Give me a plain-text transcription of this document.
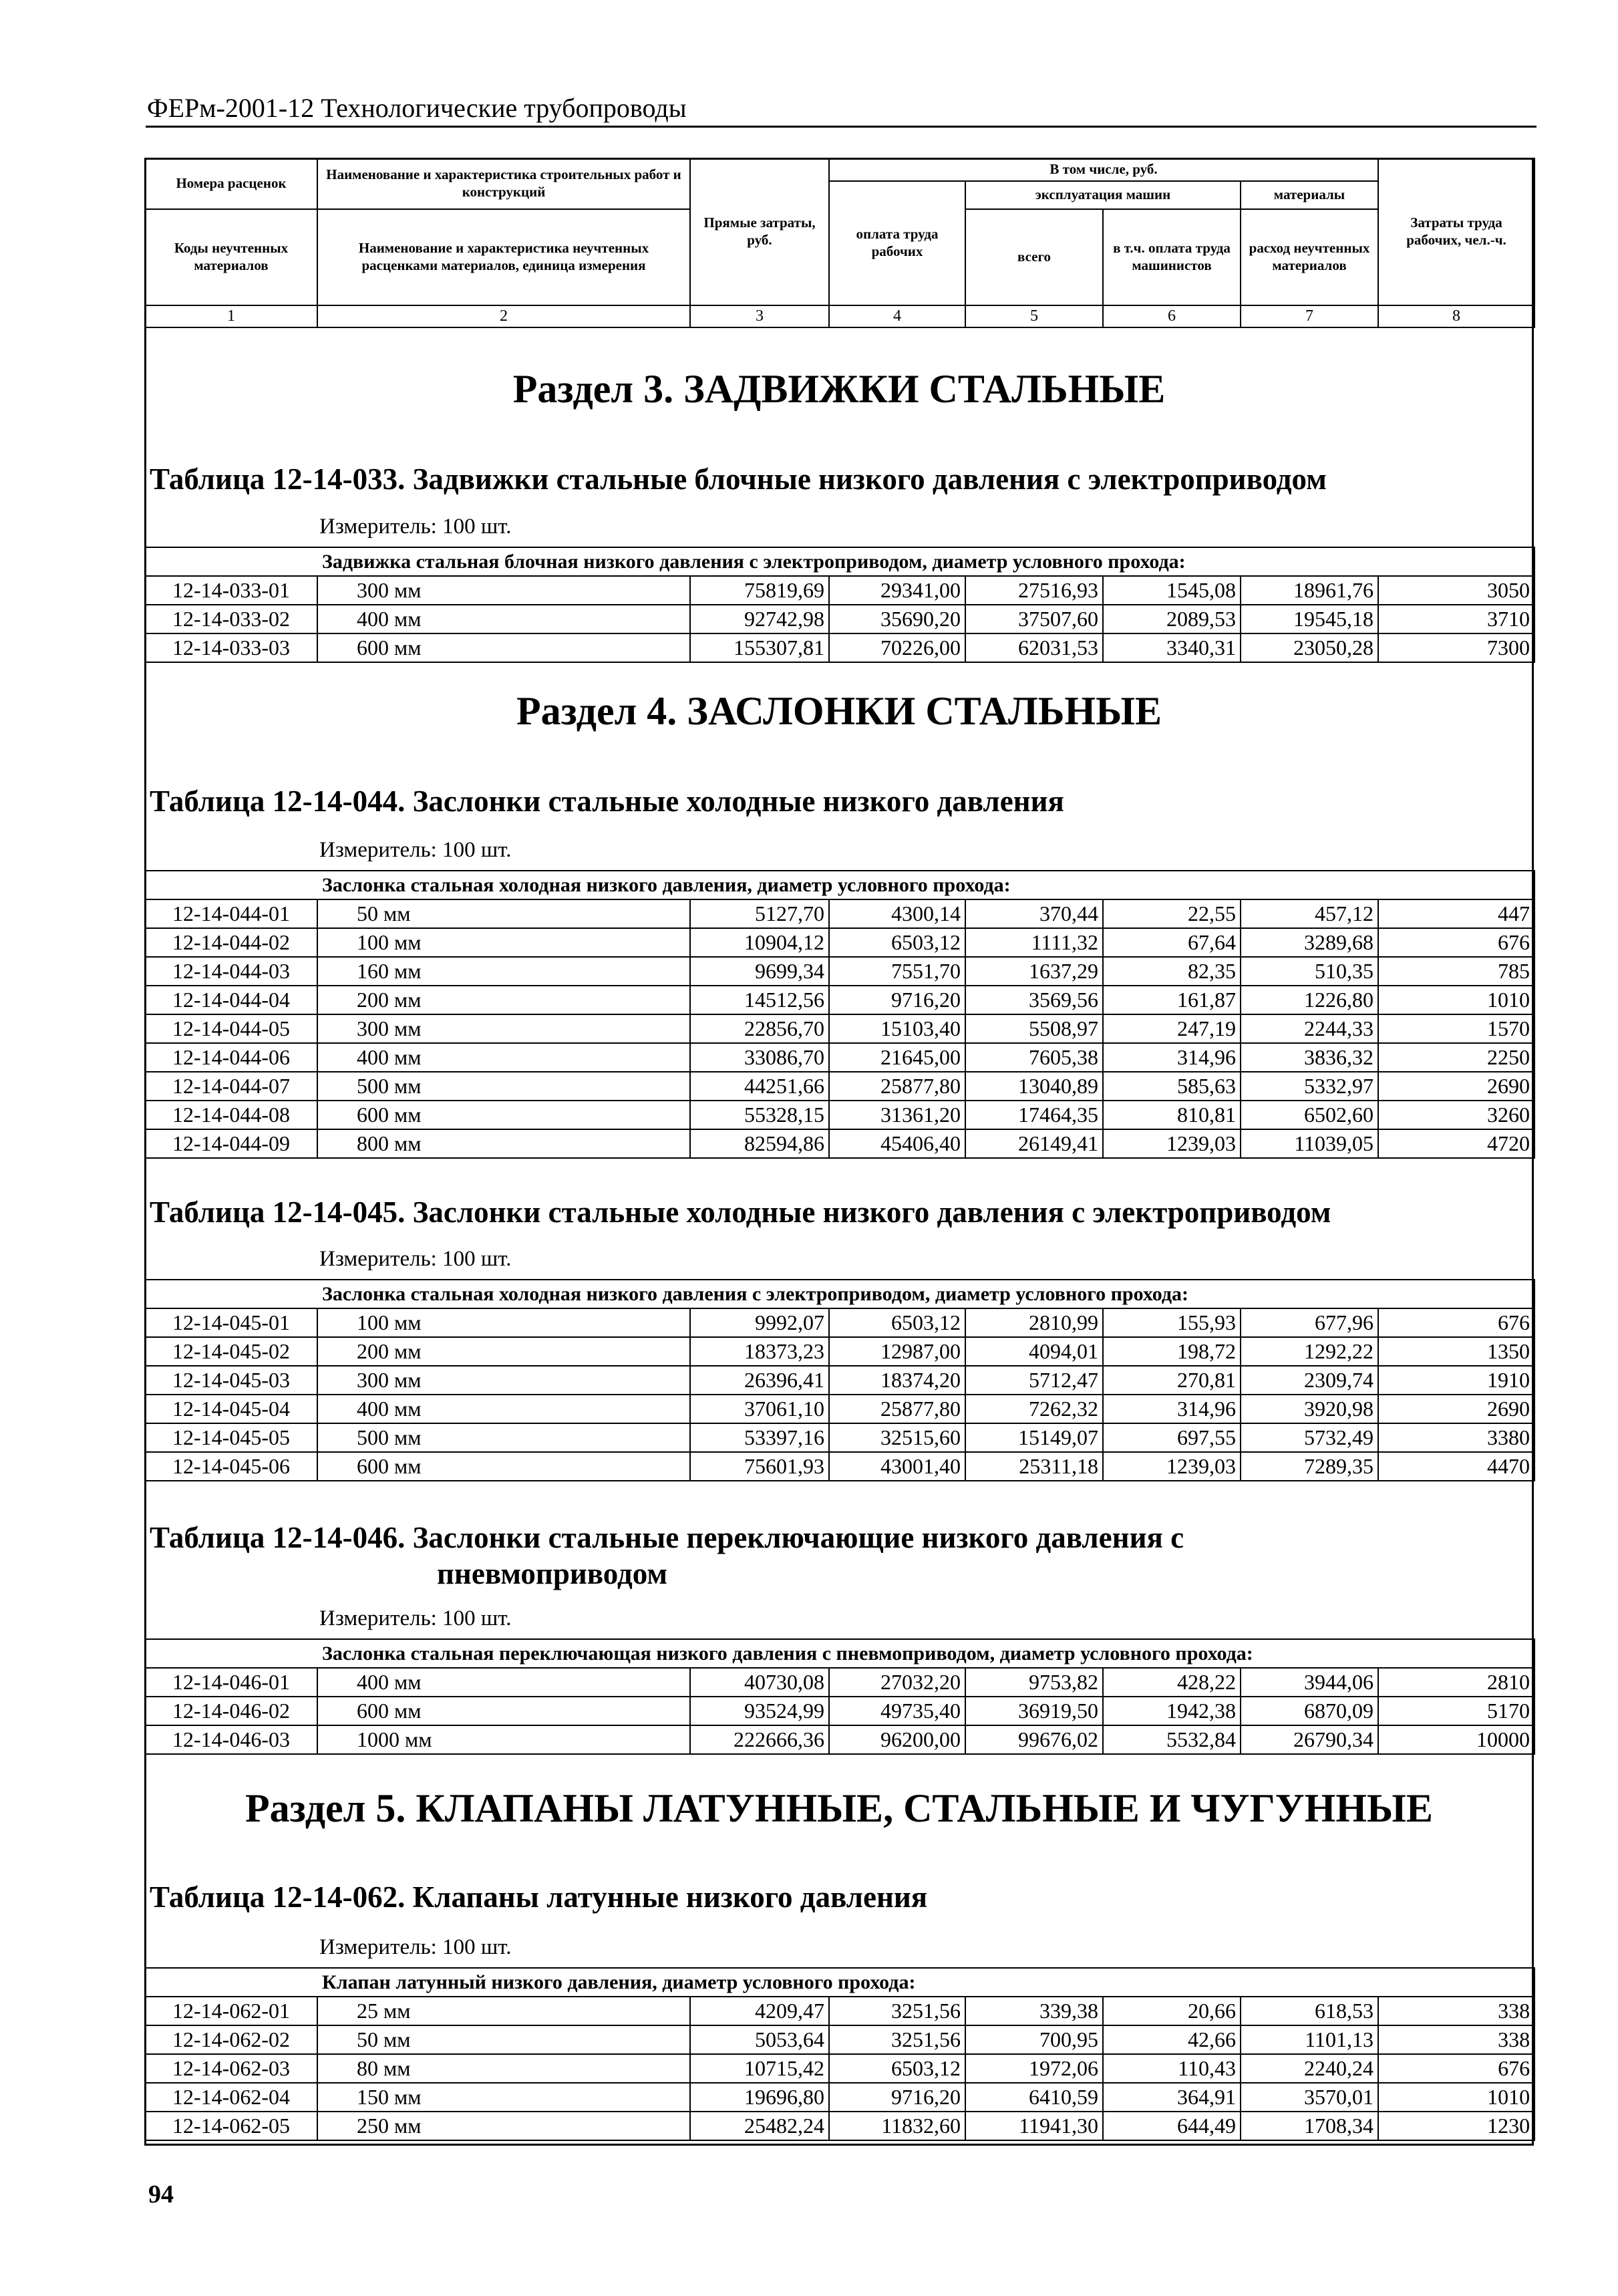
ФЕРм-2001-12 Технологические трубопроводы
Номера расценок	Наименование и характеристика строительных работ и конструкций	Прямые затраты, руб.	В том числе, руб.				Затраты труда рабочих, чел.-ч.
			оплата труда рабочих	эксплуатация машин		материалы	
Коды неучтенных материалов	Наименование и характеристика неучтенных расценками материалов, единица измерения			всего	в т.ч. оплата труда машинистов	расход неучтенных материалов	

1	2	3	4	5	6	7	8
Раздел 3. ЗАДВИЖКИ СТАЛЬНЫЕ
Таблица 12-14-033. Задвижки стальные блочные низкого давления с электроприводом
Измеритель: 100 шт.
Задвижка стальная блочная низкого давления с электроприводом, диаметр условного прохода:							
12-14-033-01	300 мм	75819,69	29341,00	27516,93	1545,08	18961,76	3050
12-14-033-02	400 мм	92742,98	35690,20	37507,60	2089,53	19545,18	3710
12-14-033-03	600 мм	155307,81	70226,00	62031,53	3340,31	23050,28	7300
Раздел 4. ЗАСЛОНКИ СТАЛЬНЫЕ
Таблица 12-14-044. Заслонки стальные холодные низкого давления
Измеритель: 100 шт.
Заслонка стальная холодная низкого давления, диаметр условного прохода:							
12-14-044-01	50 мм	5127,70	4300,14	370,44	22,55	457,12	447
12-14-044-02	100 мм	10904,12	6503,12	1111,32	67,64	3289,68	676
12-14-044-03	160 мм	9699,34	7551,70	1637,29	82,35	510,35	785
12-14-044-04	200 мм	14512,56	9716,20	3569,56	161,87	1226,80	1010
12-14-044-05	300 мм	22856,70	15103,40	5508,97	247,19	2244,33	1570
12-14-044-06	400 мм	33086,70	21645,00	7605,38	314,96	3836,32	2250
12-14-044-07	500 мм	44251,66	25877,80	13040,89	585,63	5332,97	2690
12-14-044-08	600 мм	55328,15	31361,20	17464,35	810,81	6502,60	3260
12-14-044-09	800 мм	82594,86	45406,40	26149,41	1239,03	11039,05	4720
Таблица 12-14-045. Заслонки стальные холодные низкого давления с электроприводом
Измеритель: 100 шт.
Заслонка стальная холодная низкого давления с электроприводом, диаметр условного прохода:							
12-14-045-01	100 мм	9992,07	6503,12	2810,99	155,93	677,96	676
12-14-045-02	200 мм	18373,23	12987,00	4094,01	198,72	1292,22	1350
12-14-045-03	300 мм	26396,41	18374,20	5712,47	270,81	2309,74	1910
12-14-045-04	400 мм	37061,10	25877,80	7262,32	314,96	3920,98	2690
12-14-045-05	500 мм	53397,16	32515,60	15149,07	697,55	5732,49	3380
12-14-045-06	600 мм	75601,93	43001,40	25311,18	1239,03	7289,35	4470
Таблица 12-14-046. Заслонки стальные переключающие низкого давления с
пневмоприводом
Измеритель: 100 шт.
Заслонка стальная переключающая низкого давления с пневмоприводом, диаметр условного прохода:							
12-14-046-01	400 мм	40730,08	27032,20	9753,82	428,22	3944,06	2810
12-14-046-02	600 мм	93524,99	49735,40	36919,50	1942,38	6870,09	5170
12-14-046-03	1000 мм	222666,36	96200,00	99676,02	5532,84	26790,34	10000
Раздел 5. КЛАПАНЫ ЛАТУННЫЕ, СТАЛЬНЫЕ И ЧУГУННЫЕ
Таблица 12-14-062. Клапаны латунные низкого давления
Измеритель: 100 шт.
Клапан латунный низкого давления, диаметр условного прохода:							
12-14-062-01	25 мм	4209,47	3251,56	339,38	20,66	618,53	338
12-14-062-02	50 мм	5053,64	3251,56	700,95	42,66	1101,13	338
12-14-062-03	80 мм	10715,42	6503,12	1972,06	110,43	2240,24	676
12-14-062-04	150 мм	19696,80	9716,20	6410,59	364,91	3570,01	1010
12-14-062-05	250 мм	25482,24	11832,60	11941,30	644,49	1708,34	1230
94
